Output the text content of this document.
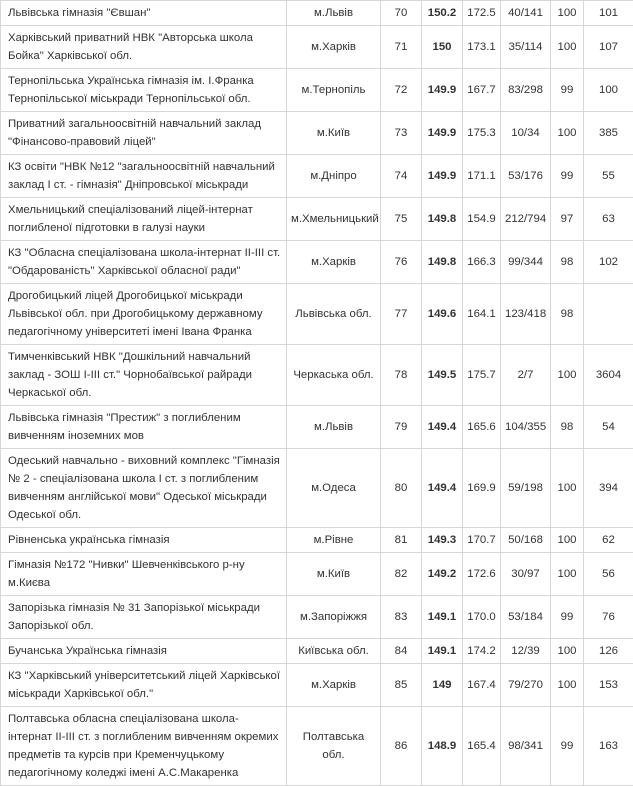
Львівська гімназія "Євшан"	м.Львів	70	150.2	172.5	40/141	100	101
Харківський приватний НВК "Авторська школа Бойка" Харківської обл.	м.Харків	71	150	173.1	35/114	100	107
Тернопільська Українська гімназія ім. І.Франка Тернопільської міськради Тернопільської обл.	м.Тернопіль	72	149.9	167.7	83/298	99	100
Приватний загальноосвітній навчальний заклад "Фінансово-правовий ліцей"	м.Київ	73	149.9	175.3	10/34	100	385
КЗ освіти "НВК №12 "загальноосвітній навчальний заклад І ст. - гімназія" Дніпровської міськради	м.Дніпро	74	149.9	171.1	53/176	99	55
Хмельницький спеціалізований ліцей-інтернат поглибленої підготовки в галузі науки	м.Хмельницький	75	149.8	154.9	212/794	97	63
КЗ "Обласна спеціалізована школа-інтернат ІІ-ІІІ ст. "Обдарованість" Харківської обласної ради"	м.Харків	76	149.8	166.3	99/344	98	102
Дрогобицький ліцей Дрогобицької міськради Львівської обл. при Дрогобицькому державному педагогічному університеті імені Івана Франка	Львівська обл.	77	149.6	164.1	123/418	98	
Тимченківський НВК "Дошкільний навчальний заклад - ЗОШ І-ІІІ ст." Чорнобаївської райради Черкаської обл.	Черкаська обл.	78	149.5	175.7	2/7	100	3604
Львівська гімназія "Престиж" з поглибленим вивченням іноземних мов	м.Львів	79	149.4	165.6	104/355	98	54
Одеський навчально - виховний комплекс "Гімназія № 2 - спеціалізована школа І ст. з поглибленим вивченням англійської мови" Одеської міськради Одеської обл.	м.Одеса	80	149.4	169.9	59/198	100	394
Рівненська українська гімназія	м.Рівне	81	149.3	170.7	50/168	100	62
Гімназія №172 "Нивки" Шевченківського р-ну м.Києва	м.Київ	82	149.2	172.6	30/97	100	56
Запорізька гімназія № 31 Запорізької міськради Запорізької обл.	м.Запоріжжя	83	149.1	170.0	53/184	99	76
Бучанська Українська гімназія	Київська обл.	84	149.1	174.2	12/39	100	126
КЗ "Харківський університетський ліцей Харківської міськради Харківської обл."	м.Харків	85	149	167.4	79/270	100	153
Полтавська обласна спеціалізована школа-інтернат ІІ-ІІІ ст. з поглибленим вивченням окремих предметів та курсів при Кременчуцькому педагогічному коледжі імені А.С.Макаренка	Полтавська обл.	86	148.9	165.4	98/341	99	163
